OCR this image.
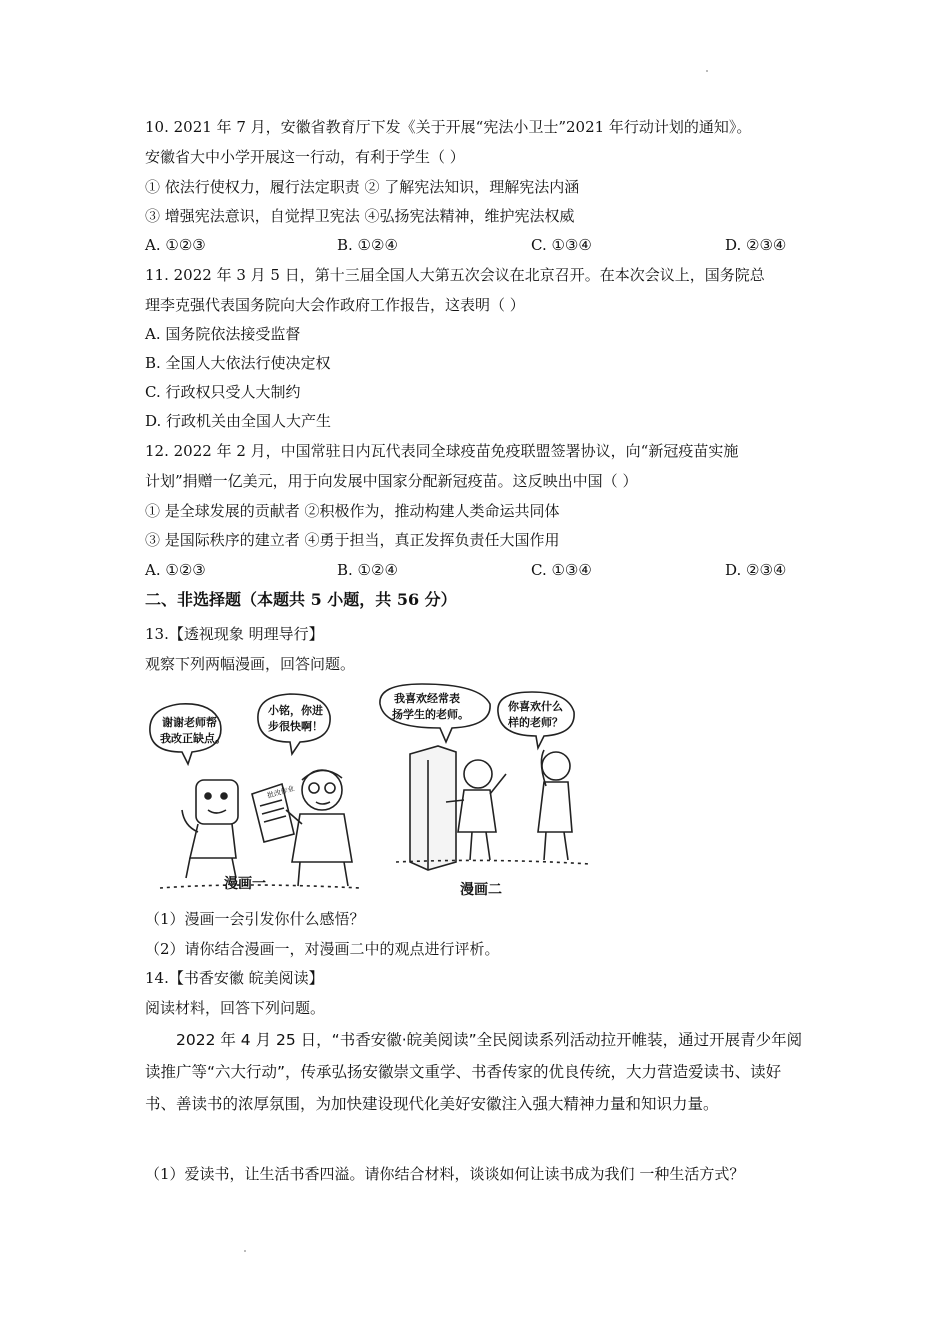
10. 2021 年 7 月，安徽省教育厅下发《关于开展“宪法小卫士”2021 年行动计划的通知》。
安徽省大中小学开展这一行动，有利于学生（ ）
① 依法行使权力，履行法定职责 ② 了解宪法知识，理解宪法内涵
③ 增强宪法意识，自觉捍卫宪法 ④弘扬宪法精神，维护宪法权威
A. ①②③	B. ①②④	C. ①③④	D. ②③④
11. 2022 年 3 月 5 日，第十三届全国人大第五次会议在北京召开。在本次会议上，国务院总
理李克强代表国务院向大会作政府工作报告，这表明（ ）
A. 国务院依法接受监督
B. 全国人大依法行使决定权
C. 行政权只受人大制约
D. 行政机关由全国人大产生
12. 2022 年 2 月，中国常驻日内瓦代表同全球疫苗免疫联盟签署协议，向“新冠疫苗实施
计划”捐赠一亿美元，用于向发展中国家分配新冠疫苗。这反映出中国（ ）
① 是全球发展的贡献者 ②积极作为，推动构建人类命运共同体
③ 是国际秩序的建立者 ④勇于担当，真正发挥负责任大国作用
A. ①②③	B. ①②④	C. ①③④	D. ②③④
二、非选择题（本题共 5 小题，共 56 分）
13.【透视现象 明理导行】
观察下列两幅漫画，回答问题。
谢谢老师帮
我改正缺点。
小铭，你进
步很快啊！
批改作业
我喜欢经常表
扬学生的老师。
你喜欢什么
样的老师？
漫画一	漫画二
（1）漫画一会引发你什么感悟？
（2）请你结合漫画一，对漫画二中的观点进行评析。
14.【书香安徽 皖美阅读】
阅读材料，回答下列问题。
2022 年 4 月 25 日，“书香安徽·皖美阅读”全民阅读系列活动拉开帷装，通过开展青少年阅读推广等“六大行动”，传承弘扬安徽崇文重学、书香传家的优良传统，大力营造爱读书、读好书、善读书的浓厚氛围，为加快建设现代化美好安徽注入强大精神力量和知识力量。
（1）爱读书，让生活书香四溢。请你结合材料，谈谈如何让读书成为我们 一种生活方式？
